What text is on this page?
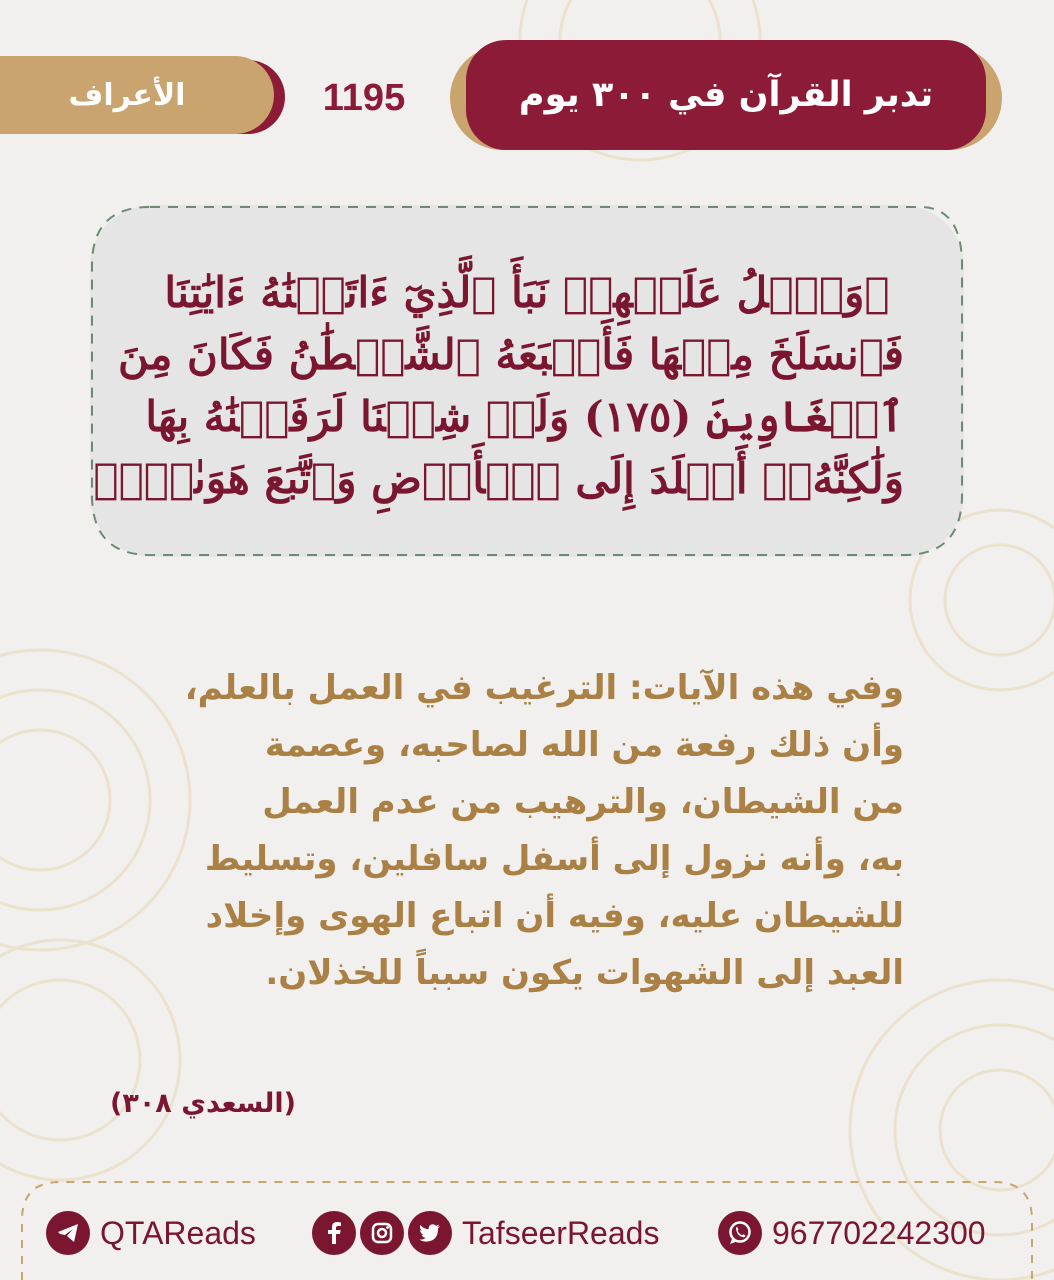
تدبر القرآن في ٣٠٠ يوم
1195
الأعراف
﴿وَٱتۡلُ عَلَيۡهِمۡ نَبَأَ ٱلَّذِيٓ ءَاتَيۡنَٰهُ ءَايَٰتِنَا
فَٱنسَلَخَ مِنۡهَا فَأَتۡبَعَهُ ٱلشَّيۡطَٰنُ فَكَانَ مِنَ
ٱلۡغَاوِينَ (١٧٥) وَلَوۡ شِئۡنَا لَرَفَعۡنَٰهُ بِهَا
وَلَٰكِنَّهُۥٓ أَخۡلَدَ إِلَى ٱلۡأَرۡضِ وَٱتَّبَعَ هَوَىٰهُۚ﴾
وفي هذه الآيات: الترغيب في العمل بالعلم،
وأن ذلك رفعة من الله لصاحبه، وعصمة
من الشيطان، والترهيب من عدم العمل
به، وأنه نزول إلى أسفل سافلين، وتسليط
للشيطان عليه، وفيه أن اتباع الهوى وإخلاد
العبد إلى الشهوات يكون سبباً للخذلان.
(السعدي ٣٠٨)
QTAReads	TafseerReads	967702242300
